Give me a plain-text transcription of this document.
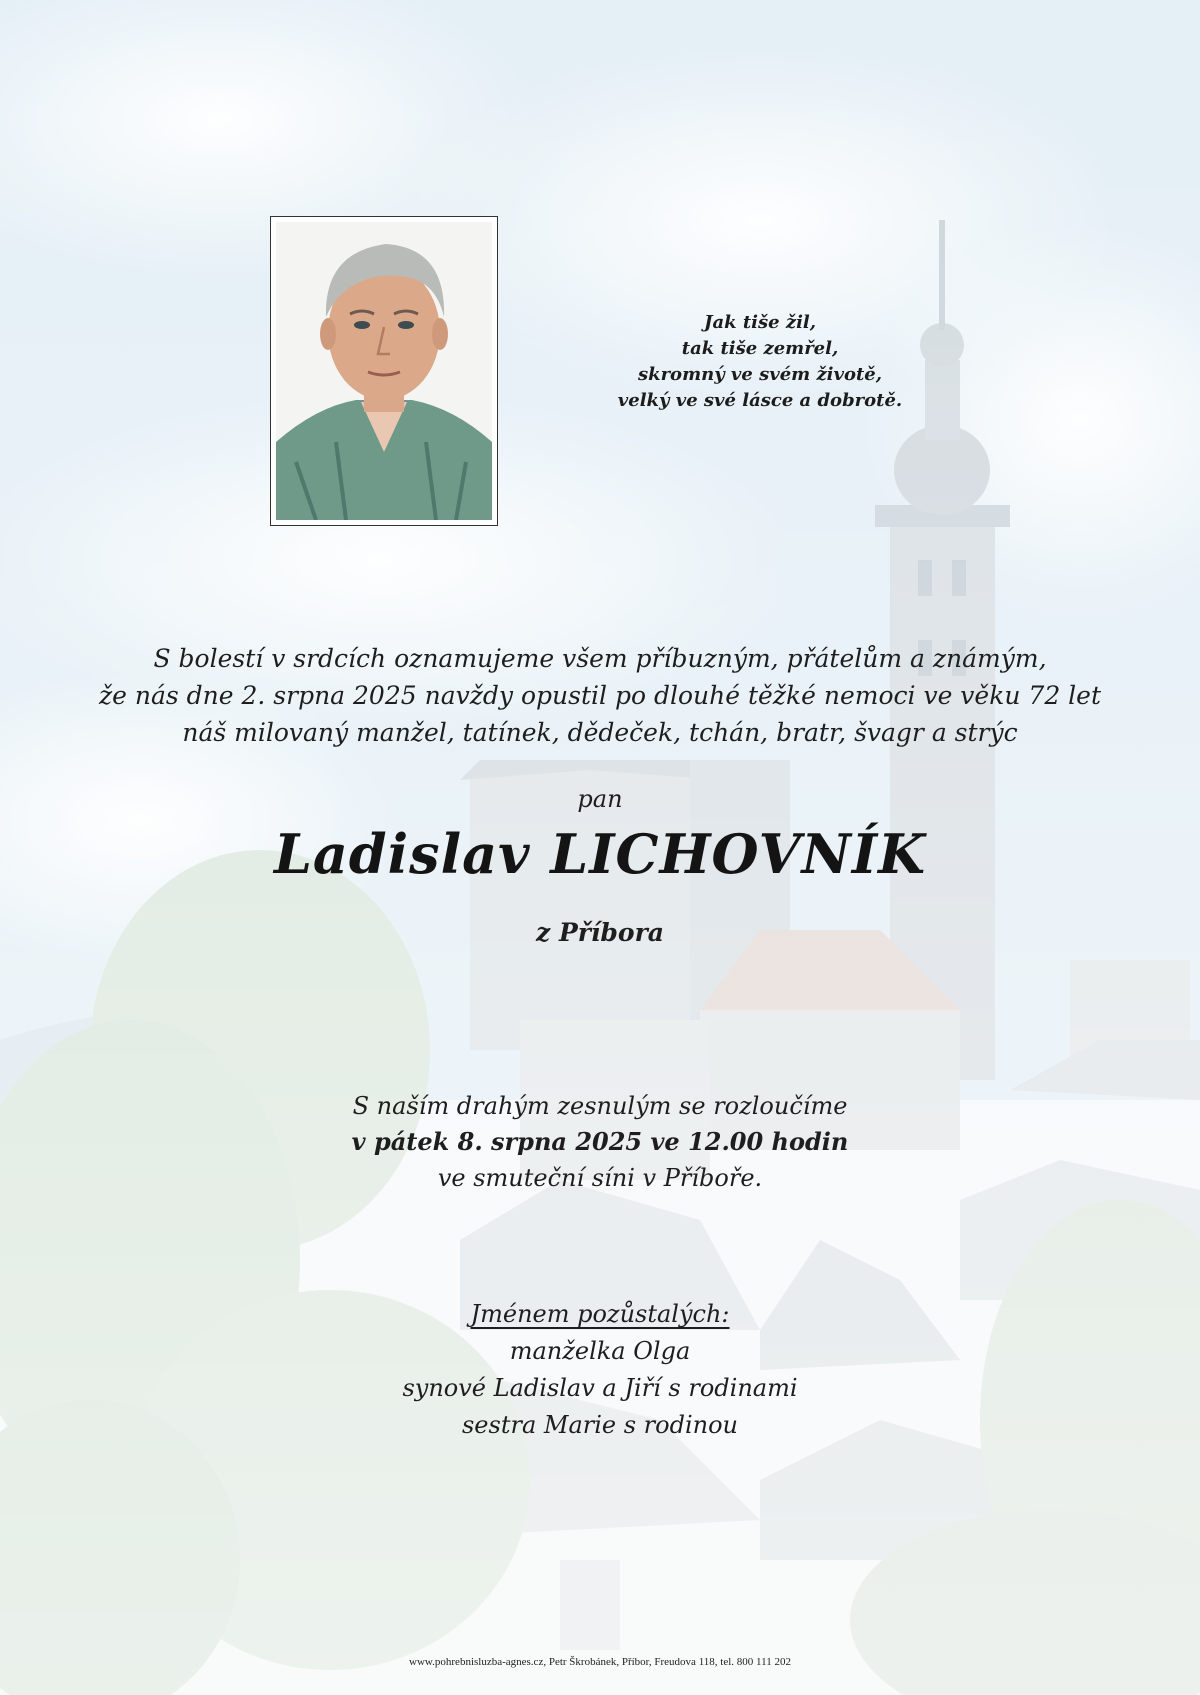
Jak tiše žil,
tak tiše zemřel,
skromný ve svém životě,
velký ve své lásce a dobrotě.
S bolestí v srdcích oznamujeme všem příbuzným, přátelům a známým,
že nás dne 2. srpna 2025 navždy opustil po dlouhé těžké nemoci ve věku 72 let
náš milovaný manžel, tatínek, dědeček, tchán, bratr, švagr a strýc
pan
Ladislav LICHOVNÍK
z Příbora
S naším drahým zesnulým se rozloučíme
v pátek 8. srpna 2025 ve 12.00 hodin
ve smuteční síni v Příboře.
Jménem pozůstalých:
manželka Olga
synové Ladislav a Jiří s rodinami
sestra Marie s rodinou
www.pohrebnisluzba-agnes.cz, Petr Škrobánek, Příbor, Freudova 118, tel. 800 111 202
